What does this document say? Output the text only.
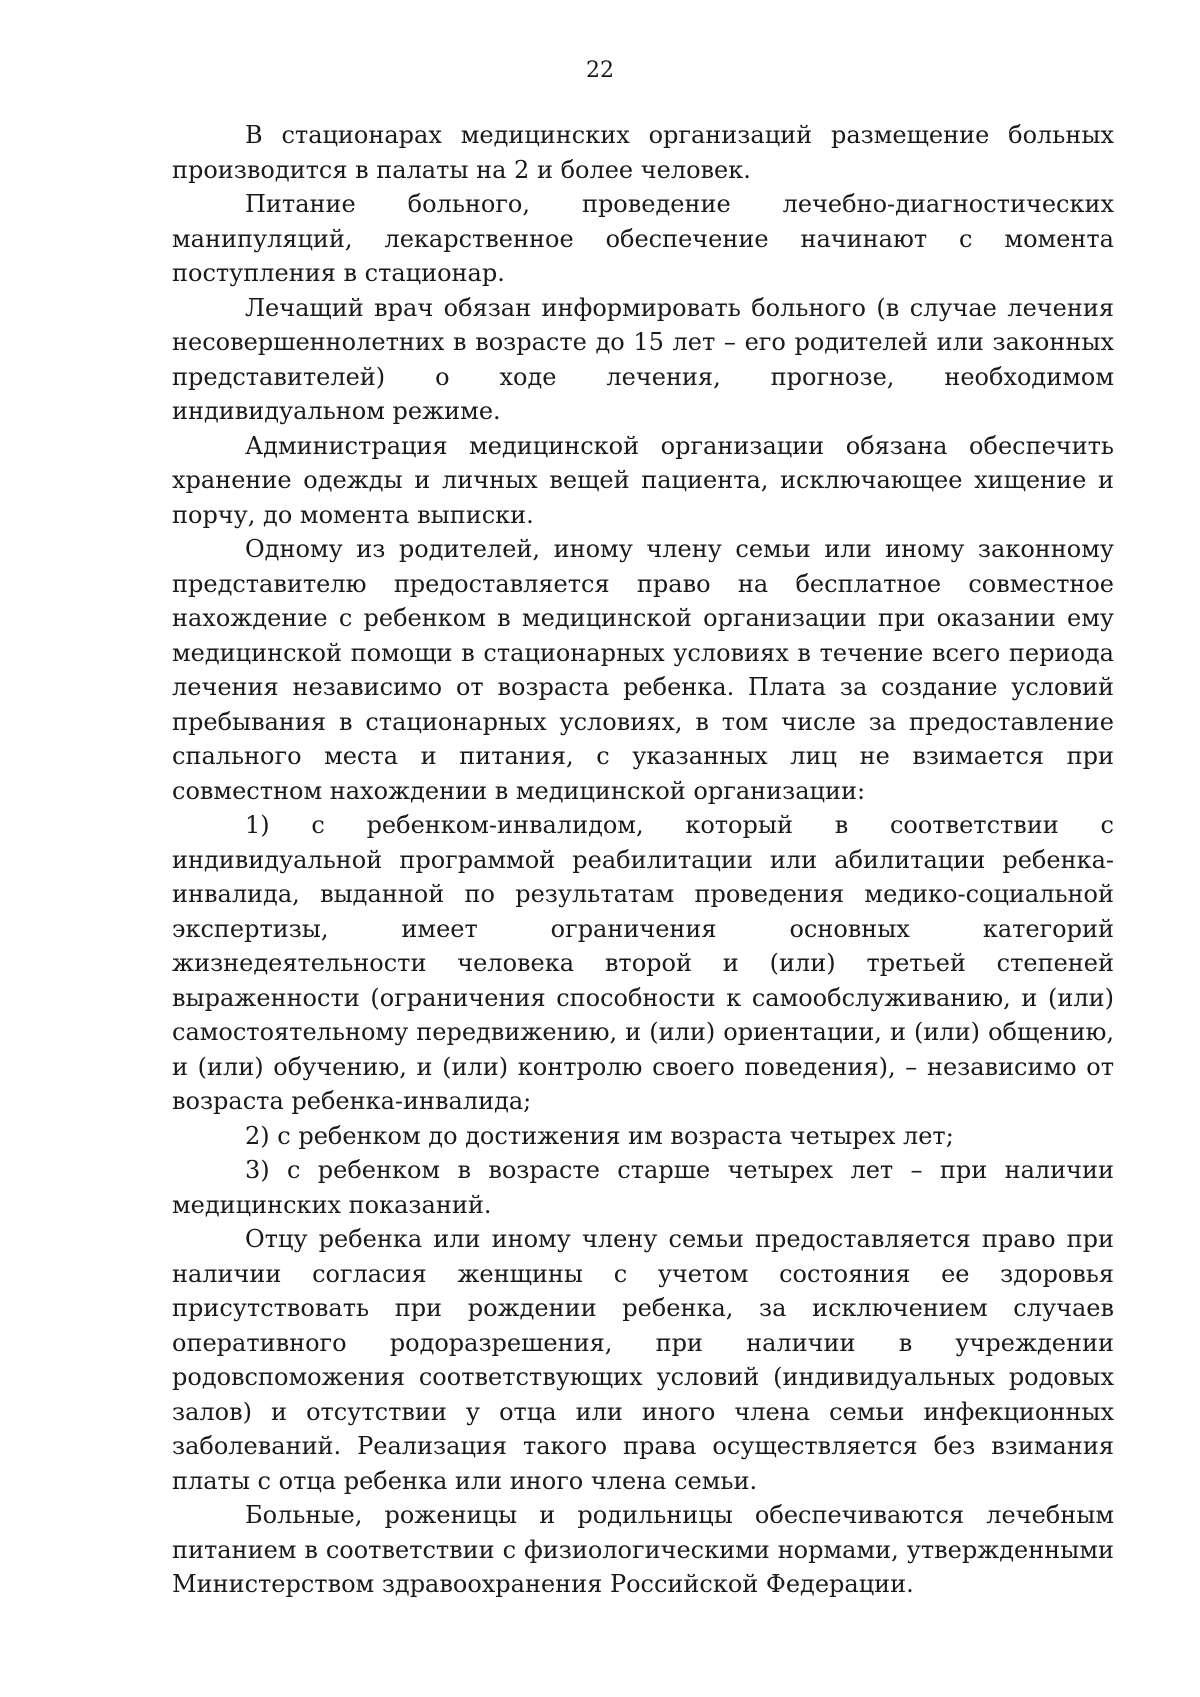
22

В стационарах медицинских организаций размещение больных производится в палаты на 2 и более человек.

Питание больного, проведение лечебно-диагностических манипуляций, лекарственное обеспечение начинают с момента поступления в стационар.

Лечащий врач обязан информировать больного (в случае лечения несовершеннолетних в возрасте до 15 лет – его родителей или законных представителей) о ходе лечения, прогнозе, необходимом индивидуальном режиме.

Администрация медицинской организации обязана обеспечить хранение одежды и личных вещей пациента, исключающее хищение и порчу, до момента выписки.

Одному из родителей, иному члену семьи или иному законному представителю предоставляется право на бесплатное совместное нахождение с ребенком в медицинской организации при оказании ему медицинской помощи в стационарных условиях в течение всего периода лечения независимо от возраста ребенка. Плата за создание условий пребывания в стационарных условиях, в том числе за предоставление спального места и питания, с указанных лиц не взимается при совместном нахождении в медицинской организации:

1) с ребенком-инвалидом, который в соответствии с индивидуальной программой реабилитации или абилитации ребенка-инвалида, выданной по результатам проведения медико-социальной экспертизы, имеет ограничения основных категорий жизнедеятельности человека второй и (или) третьей степеней выраженности (ограничения способности к самообслуживанию, и (или) самостоятельному передвижению, и (или) ориентации, и (или) общению, и (или) обучению, и (или) контролю своего поведения), – независимо от возраста ребенка-инвалида;

2) с ребенком до достижения им возраста четырех лет;

3) с ребенком в возрасте старше четырех лет – при наличии медицинских показаний.

Отцу ребенка или иному члену семьи предоставляется право при наличии согласия женщины с учетом состояния ее здоровья присутствовать при рождении ребенка, за исключением случаев оперативного родоразрешения, при наличии в учреждении родовспоможения соответствующих условий (индивидуальных родовых залов) и отсутствии у отца или иного члена семьи инфекционных заболеваний. Реализация такого права осуществляется без взимания платы с отца ребенка или иного члена семьи.

Больные, роженицы и родильницы обеспечиваются лечебным питанием в соответствии с физиологическими нормами, утвержденными Министерством здравоохранения Российской Федерации.
